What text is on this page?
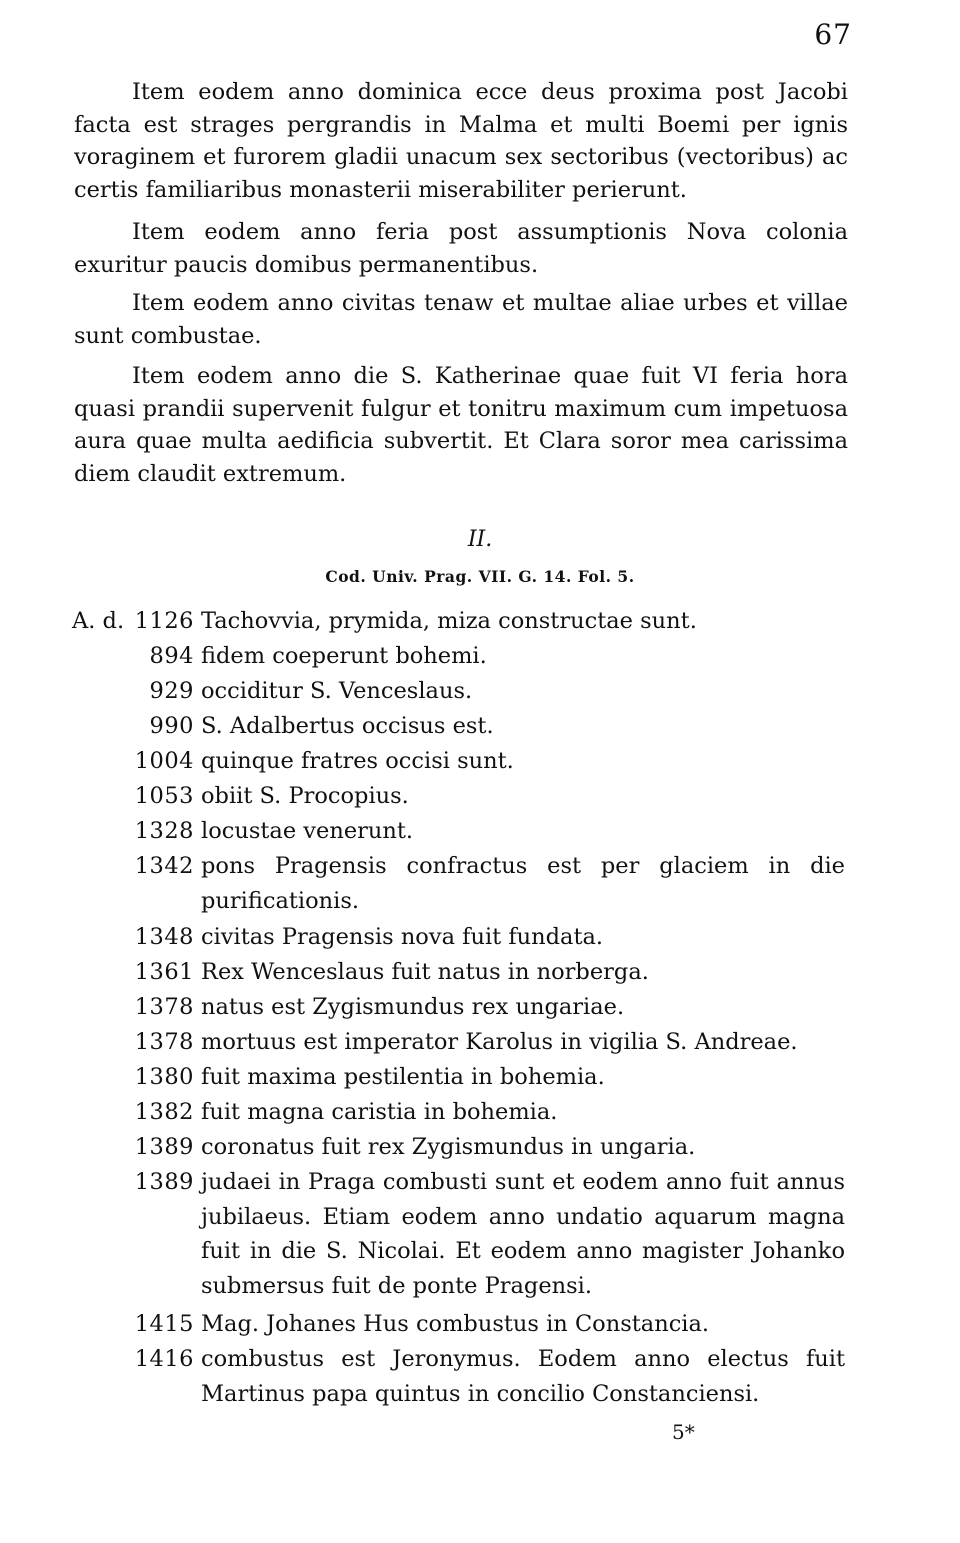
67

Item eodem anno dominica ecce deus proxima post Jacobi facta est strages pergrandis in Malma et multi Boemi per ignis voraginem et furorem gladii unacum sex sectoribus (vectoribus) ac certis familiaribus monasterii miserabiliter perierunt.

Item eodem anno feria post assumptionis Nova colonia exuritur paucis domibus permanentibus.

Item eodem anno civitas tenaw et multae aliae urbes et villae sunt combustae.

Item eodem anno die S. Katherinae quae fuit VI feria hora quasi prandii supervenit fulgur et tonitru maximum cum impetuosa aura quae multa aedificia subvertit. Et Clara soror mea carissima diem claudit extremum.

II.
Cod. Univ. Prag. VII. G. 14. Fol. 5.
A. d. 1126 Tachovvia, prymida, miza constructae sunt.
894 fidem coeperunt bohemi.
929 occiditur S. Venceslaus.
990 S. Adalbertus occisus est.
1004 quinque fratres occisi sunt.
1053 obiit S. Procopius.
1328 locustae venerunt.
1342 pons Pragensis confractus est per glaciem in die purificationis.
1348 civitas Pragensis nova fuit fundata.
1361 Rex Wenceslaus fuit natus in norberga.
1378 natus est Zygismundus rex ungariae.
1378 mortuus est imperator Karolus in vigilia S. Andreae.
1380 fuit maxima pestilentia in bohemia.
1382 fuit magna caristia in bohemia.
1389 coronatus fuit rex Zygismundus in ungaria.
1389 judaei in Praga combusti sunt et eodem anno fuit annus jubilaeus. Etiam eodem anno undatio aquarum magna fuit in die S. Nicolai. Et eodem anno magister Johanko submersus fuit de ponte Pragensi.
1415 Mag. Johanes Hus combustus in Constancia.
1416 combustus est Jeronymus. Eodem anno electus fuit Martinus papa quintus in concilio Constanciensi.
5*
